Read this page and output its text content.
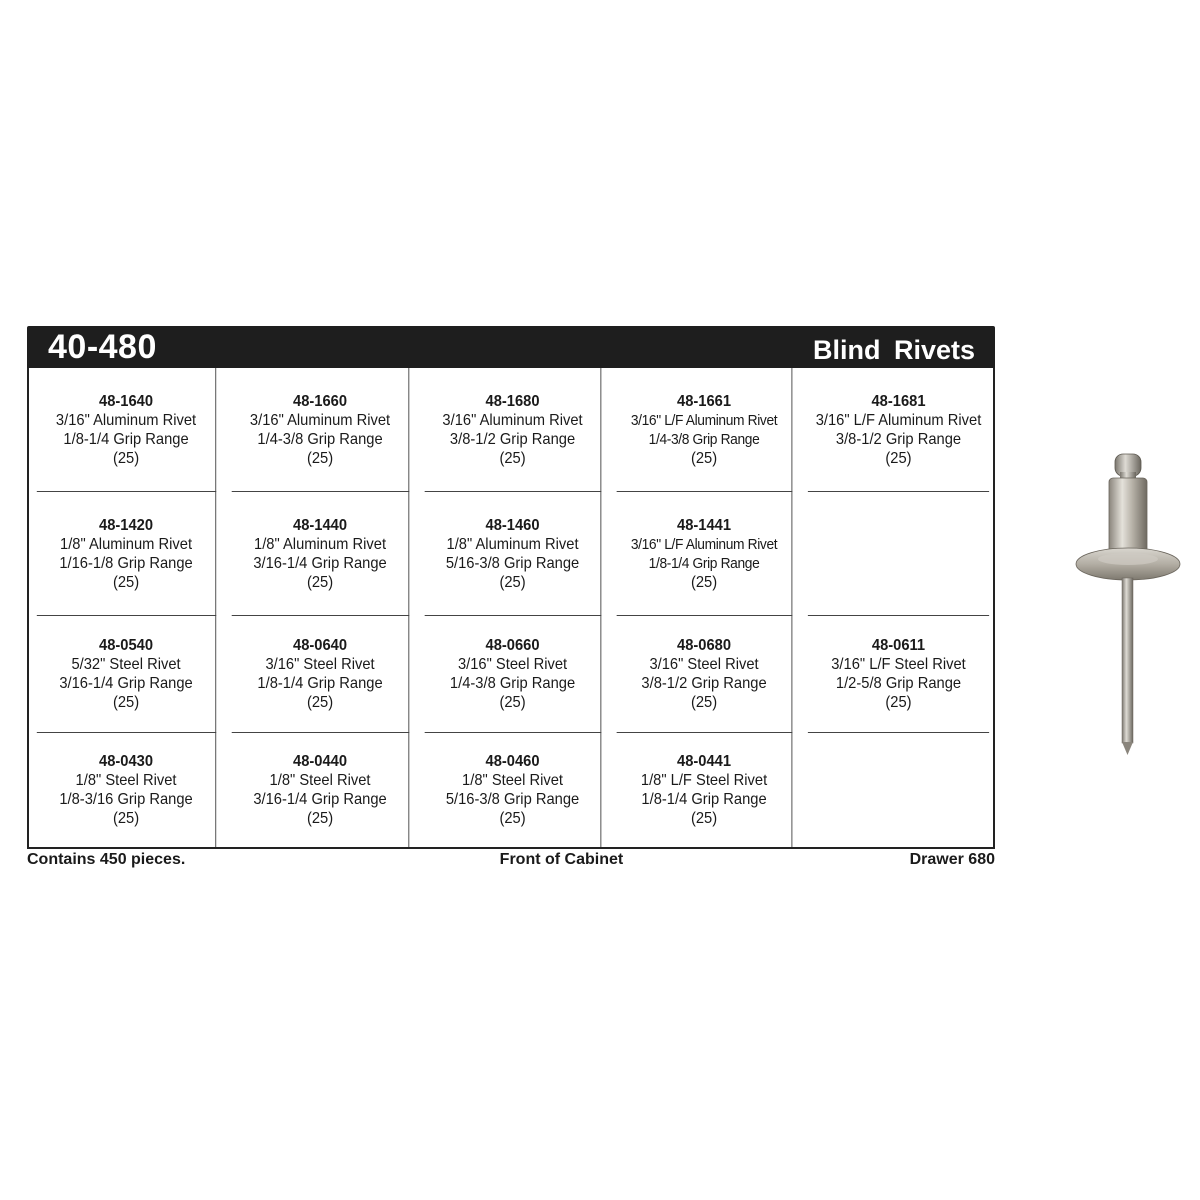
40-480	Blind Rivets
48-1640
3/16" Aluminum Rivet
1/8-1/4 Grip Range
(25)
48-1660
3/16" Aluminum Rivet
1/4-3/8 Grip Range
(25)
48-1680
3/16" Aluminum Rivet
3/8-1/2 Grip Range
(25)
48-1661
3/16" L/F Aluminum Rivet
1/4-3/8 Grip Range
(25)
48-1681
3/16" L/F Aluminum Rivet
3/8-1/2 Grip Range
(25)
48-1420
1/8" Aluminum Rivet
1/16-1/8 Grip Range
(25)
48-1440
1/8" Aluminum Rivet
3/16-1/4 Grip Range
(25)
48-1460
1/8" Aluminum Rivet
5/16-3/8 Grip Range
(25)
48-1441
3/16" L/F Aluminum Rivet
1/8-1/4 Grip Range
(25)
48-0540
5/32" Steel Rivet
3/16-1/4 Grip Range
(25)
48-0640
3/16" Steel Rivet
1/8-1/4 Grip Range
(25)
48-0660
3/16" Steel Rivet
1/4-3/8 Grip Range
(25)
48-0680
3/16" Steel Rivet
3/8-1/2 Grip Range
(25)
48-0611
3/16" L/F Steel Rivet
1/2-5/8 Grip Range
(25)
48-0430
1/8" Steel Rivet
1/8-3/16 Grip Range
(25)
48-0440
1/8" Steel Rivet
3/16-1/4 Grip Range
(25)
48-0460
1/8" Steel Rivet
5/16-3/8 Grip Range
(25)
48-0441
1/8" L/F Steel Rivet
1/8-1/4 Grip Range
(25)
Contains 450 pieces.	Front of Cabinet	Drawer 680
